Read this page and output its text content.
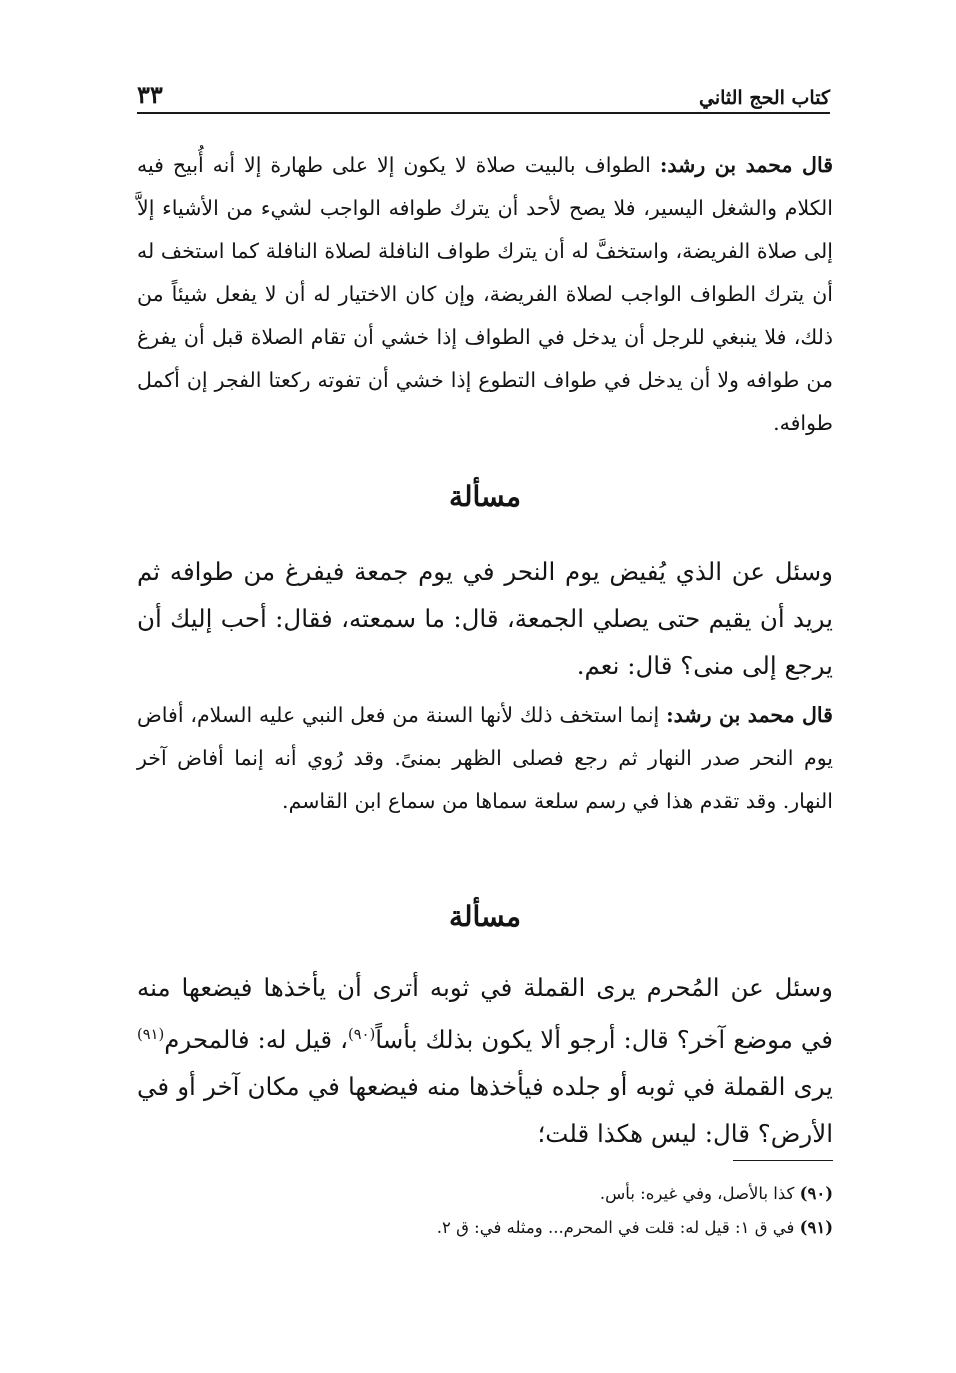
كتاب الحج الثاني
٣٣
قال محمد بن رشد: الطواف بالبيت صلاة لا يكون إلا على طهارة إلا أنه أُبيح فيه الكلام والشغل اليسير، فلا يصح لأحد أن يترك طوافه الواجب لشيء من الأشياء إلاَّ إلى صلاة الفريضة، واستخفَّ له أن يترك طواف النافلة لصلاة النافلة كما استخف له أن يترك الطواف الواجب لصلاة الفريضة، وإن كان الاختيار له أن لا يفعل شيئاً من ذلك، فلا ينبغي للرجل أن يدخل في الطواف إذا خشي أن تقام الصلاة قبل أن يفرغ من طوافه ولا أن يدخل في طواف التطوع إذا خشي أن تفوته ركعتا الفجر إن أكمل طوافه.
مسألة
وسئل عن الذي يُفيض يوم النحر في يوم جمعة فيفرغ من طوافه ثم يريد أن يقيم حتى يصلي الجمعة، قال: ما سمعته، فقال: أحب إليك أن يرجع إلى منى؟ قال: نعم.
قال محمد بن رشد: إنما استخف ذلك لأنها السنة من فعل النبي عليه السلام، أفاض يوم النحر صدر النهار ثم رجع فصلى الظهر بمنىً. وقد رُوي أنه إنما أفاض آخر النهار. وقد تقدم هذا في رسم سلعة سماها من سماع ابن القاسم.
مسألة
وسئل عن المُحرم يرى القملة في ثوبه أترى أن يأخذها فيضعها منه في موضع آخر؟ قال: أرجو ألا يكون بذلك بأساً$^{(٩٠)}$، قيل له: فالمحرم$^{(٩١)}$ يرى القملة في ثوبه أو جلده فيأخذها منه فيضعها في مكان آخر أو في الأرض؟ قال: ليس هكذا قلت؛
(٩٠) كذا بالأصل، وفي غيره: بأس.
(٩١) في ق ١: قيل له: قلت في المحرم... ومثله في: ق ٢.
